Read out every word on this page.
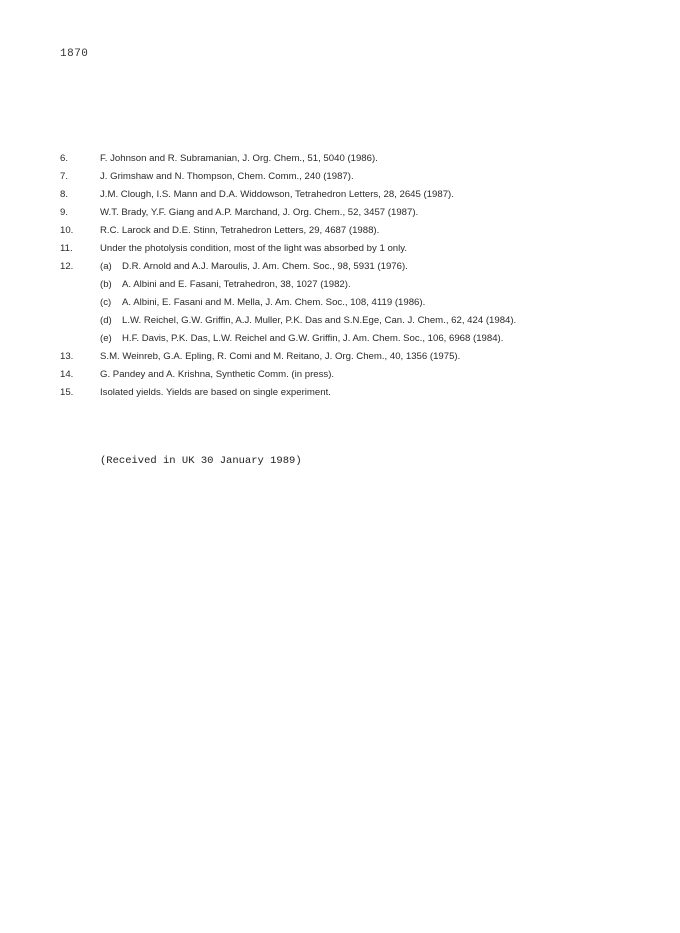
1870
6.	F. Johnson and R. Subramanian, J. Org. Chem., 51, 5040 (1986).
7.	J. Grimshaw and N. Thompson, Chem. Comm., 240 (1987).
8.	J.M. Clough, I.S. Mann and D.A. Widdowson, Tetrahedron Letters, 28, 2645 (1987).
9.	W.T. Brady, Y.F. Giang and A.P. Marchand, J. Org. Chem., 52, 3457 (1987).
10.	R.C. Larock and D.E. Stinn, Tetrahedron Letters, 29, 4687 (1988).
11.	Under the photolysis condition, most of the light was absorbed by 1 only.
12.	(a)	D.R. Arnold and A.J. Maroulis, J. Am. Chem. Soc., 98, 5931 (1976).
(b)	A. Albini and E. Fasani, Tetrahedron, 38, 1027 (1982).
(c)	A. Albini, E. Fasani and M. Mella, J. Am. Chem. Soc., 108, 4119 (1986).
(d)	L.W. Reichel, G.W. Griffin, A.J. Muller, P.K. Das and S.N.Ege, Can. J. Chem., 62, 424 (1984).
(e)	H.F. Davis, P.K. Das, L.W. Reichel and G.W. Griffin, J. Am. Chem. Soc., 106, 6968 (1984).
13.	S.M. Weinreb, G.A. Epling, R. Comi and M. Reitano, J. Org. Chem., 40, 1356 (1975).
14.	G. Pandey and A. Krishna, Synthetic Comm. (in press).
15.	Isolated yields. Yields are based on single experiment.
(Received in UK 30 January 1989)
